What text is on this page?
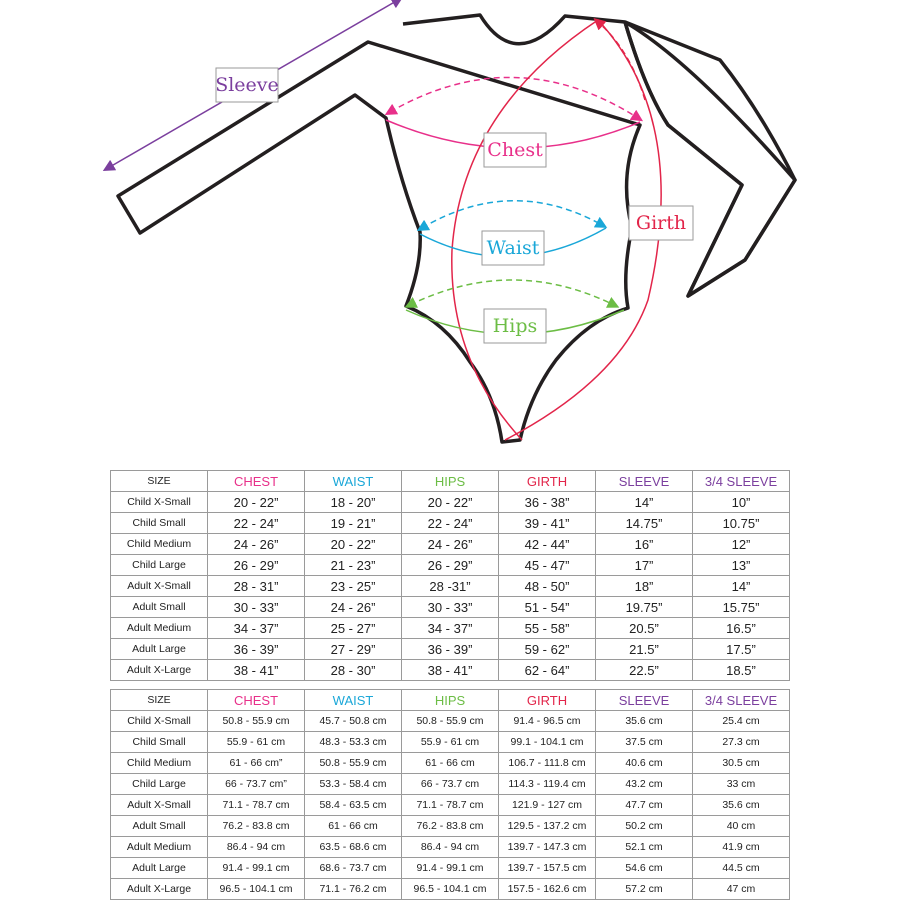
Sleeve
Chest
Waist
Hips
Girth
SIZE	CHEST	WAIST	HIPS	GIRTH	SLEEVE	3/4 SLEEVE
Child X-Small	20 - 22”	18 - 20”	20 - 22”	36 - 38”	14”	10”
Child Small	22 - 24”	19 - 21”	22 - 24”	39 - 41”	14.75”	10.75”
Child Medium	24 - 26”	20 - 22”	24 - 26”	42 - 44”	16”	12”
Child Large	26 - 29”	21 - 23”	26 - 29”	45 - 47”	17”	13”
Adult X-Small	28 - 31”	23 - 25”	28 -31”	48 - 50”	18”	14”
Adult Small	30 - 33”	24 - 26”	30 - 33”	51 - 54”	19.75”	15.75”
Adult Medium	34 - 37”	25 - 27”	34 - 37”	55 - 58”	20.5”	16.5”
Adult Large	36 - 39”	27 - 29”	36 - 39”	59 - 62”	21.5”	17.5”
Adult X-Large	38 - 41”	28 - 30”	38 - 41”	62 - 64”	22.5”	18.5”
SIZE	CHEST	WAIST	HIPS	GIRTH	SLEEVE	3/4 SLEEVE
Child X-Small	50.8 - 55.9 cm	45.7 - 50.8 cm	50.8 - 55.9 cm	91.4 - 96.5 cm	35.6 cm	25.4 cm
Child Small	55.9 - 61 cm	48.3 - 53.3 cm	55.9 - 61 cm	99.1 - 104.1 cm	37.5 cm	27.3 cm
Child Medium	61 - 66 cm”	50.8 - 55.9 cm	61 - 66 cm	106.7 - 111.8 cm	40.6 cm	30.5 cm
Child Large	66 - 73.7 cm”	53.3 - 58.4 cm	66 - 73.7 cm	114.3 - 119.4 cm	43.2 cm	33 cm
Adult X-Small	71.1 - 78.7 cm	58.4 - 63.5 cm	71.1 - 78.7 cm	121.9 - 127 cm	47.7 cm	35.6 cm
Adult Small	76.2 - 83.8 cm	61 - 66 cm	76.2 - 83.8 cm	129.5 - 137.2 cm	50.2 cm	40 cm
Adult Medium	86.4 - 94 cm	63.5 - 68.6 cm	86.4 - 94 cm	139.7 - 147.3 cm	52.1 cm	41.9 cm
Adult Large	91.4 - 99.1 cm	68.6 - 73.7 cm	91.4 - 99.1 cm	139.7 - 157.5 cm	54.6 cm	44.5 cm
Adult X-Large	96.5 - 104.1 cm	71.1 - 76.2 cm	96.5 - 104.1 cm	157.5 - 162.6 cm	57.2 cm	47 cm
